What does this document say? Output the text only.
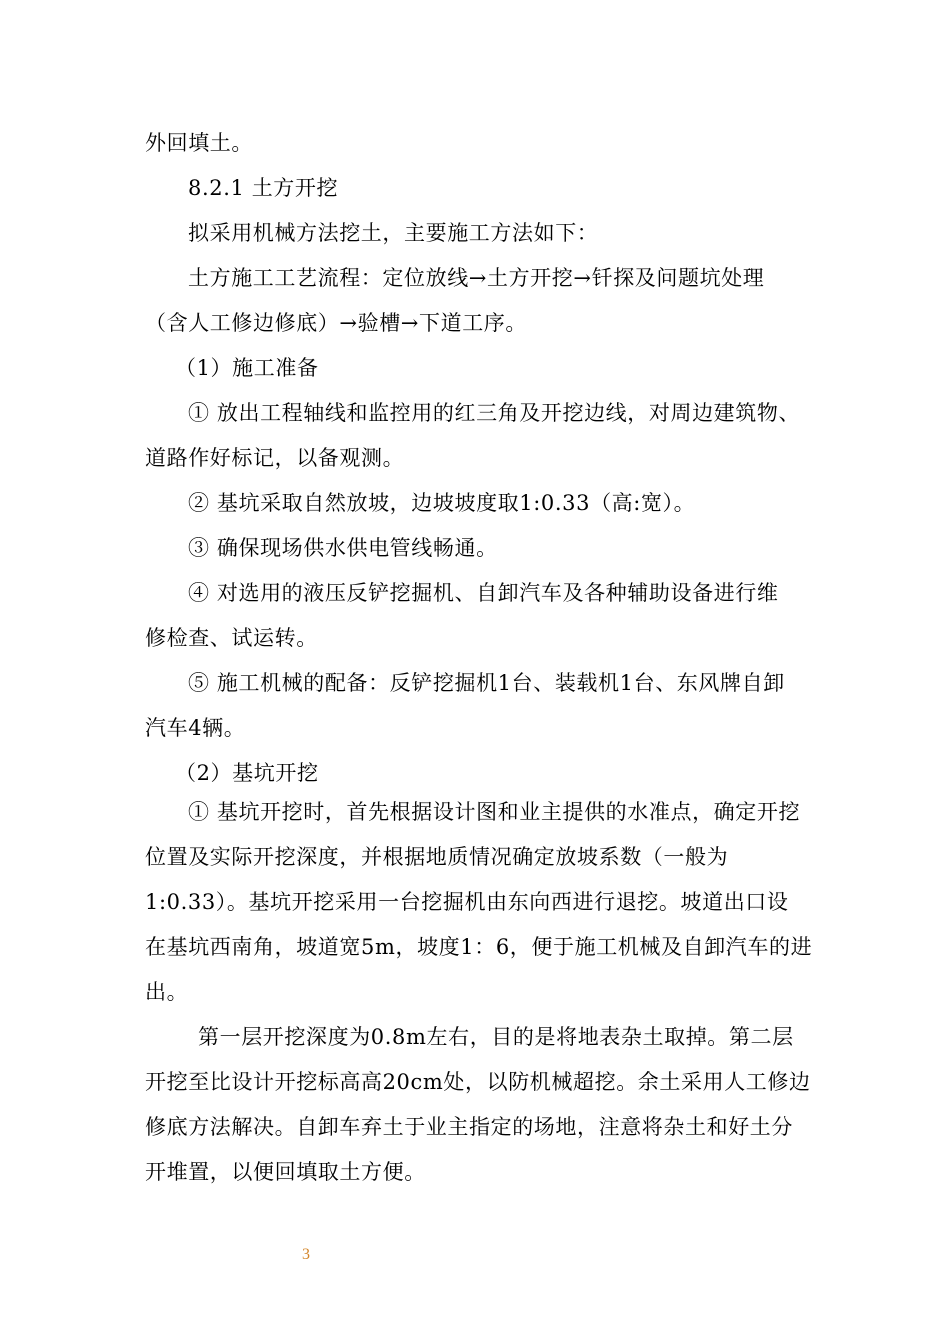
外回填土。
8.2.1 土方开挖
拟采用机械方法挖土，主要施工方法如下：
土方施工工艺流程：定位放线→土方开挖→钎探及问题坑处理
（含人工修边修底）→验槽→下道工序。
（1）施工准备
① 放出工程轴线和监控用的红三角及开挖边线，对周边建筑物、
道路作好标记，以备观测。
② 基坑采取自然放坡，边坡坡度取1:0.33（高:宽）。
③ 确保现场供水供电管线畅通。
④ 对选用的液压反铲挖掘机、自卸汽车及各种辅助设备进行维
修检查、试运转。
⑤ 施工机械的配备：反铲挖掘机1台、装载机1台、东风牌自卸
汽车4辆。
（2）基坑开挖
① 基坑开挖时，首先根据设计图和业主提供的水准点，确定开挖
位置及实际开挖深度，并根据地质情况确定放坡系数（一般为
1:0.33）。基坑开挖采用一台挖掘机由东向西进行退挖。坡道出口设
在基坑西南角，坡道宽5m，坡度1：6，便于施工机械及自卸汽车的进
出。
第一层开挖深度为0.8m左右，目的是将地表杂土取掉。第二层
开挖至比设计开挖标高高20cm处，以防机械超挖。余土采用人工修边
修底方法解决。自卸车弃土于业主指定的场地，注意将杂土和好土分
开堆置，以便回填取土方便。
3
